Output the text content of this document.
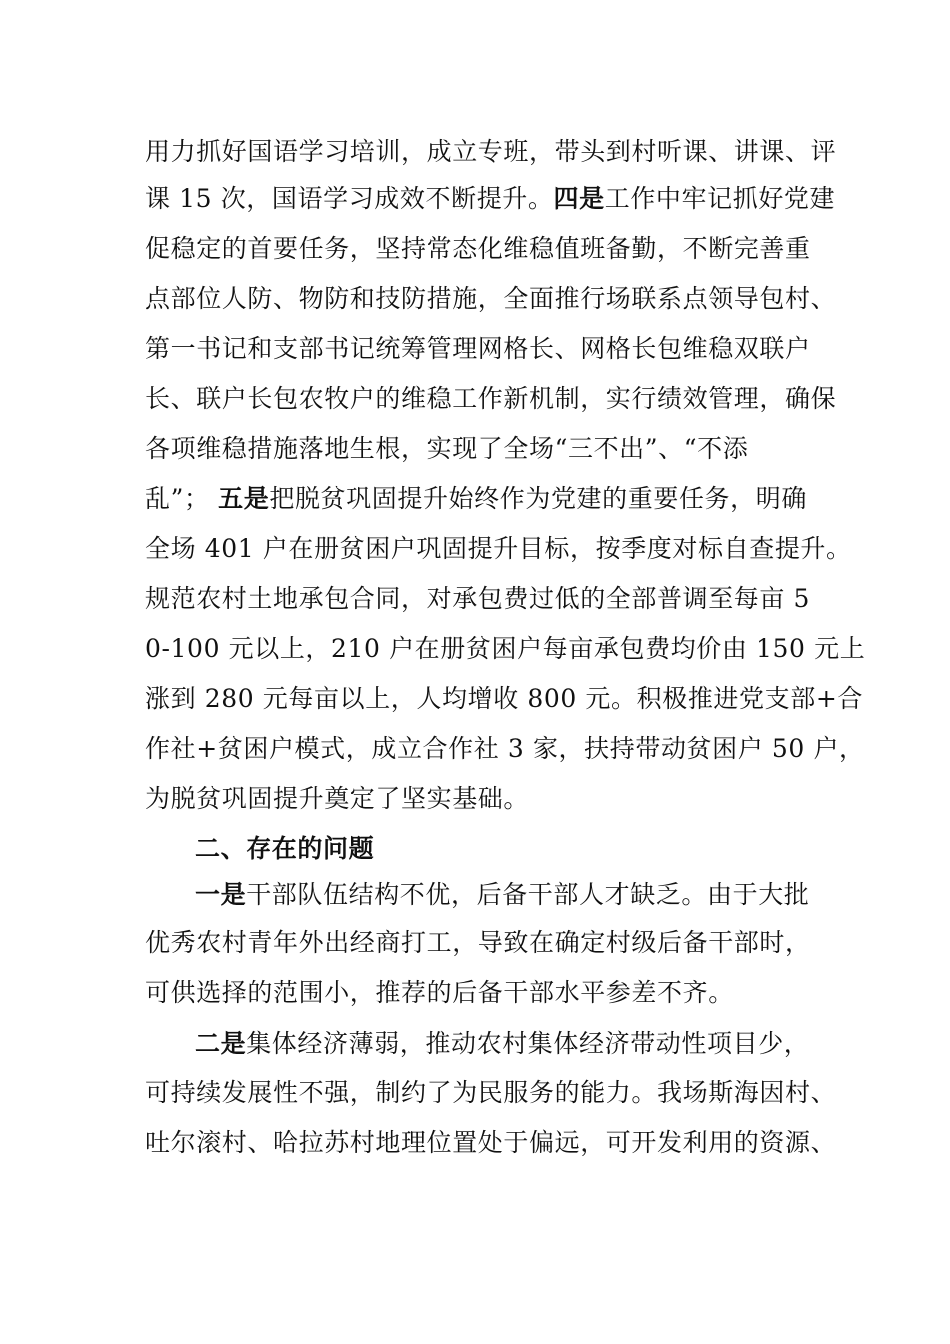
用力抓好国语学习培训，成立专班，带头到村听课、讲课、评
课 15 次，国语学习成效不断提升。四是工作中牢记抓好党建
促稳定的首要任务，坚持常态化维稳值班备勤，不断完善重
点部位人防、物防和技防措施，全面推行场联系点领导包村、
第一书记和支部书记统筹管理网格长、网格长包维稳双联户
长、联户长包农牧户的维稳工作新机制，实行绩效管理，确保
各项维稳措施落地生根，实现了全场“三不出”、“不添
乱”； 五是把脱贫巩固提升始终作为党建的重要任务，明确
全场 401 户在册贫困户巩固提升目标，按季度对标自查提升。
规范农村土地承包合同，对承包费过低的全部普调至每亩 5
0-100 元以上，210 户在册贫困户每亩承包费均价由 150 元上
涨到 280 元每亩以上，人均增收 800 元。积极推进党支部+合
作社+贫困户模式，成立合作社 3 家，扶持带动贫困户 50 户，
为脱贫巩固提升奠定了坚实基础。
二、存在的问题
一是干部队伍结构不优，后备干部人才缺乏。由于大批
优秀农村青年外出经商打工，导致在确定村级后备干部时，
可供选择的范围小，推荐的后备干部水平参差不齐。
二是集体经济薄弱，推动农村集体经济带动性项目少，
可持续发展性不强，制约了为民服务的能力。我场斯海因村、
吐尔滚村、哈拉苏村地理位置处于偏远，可开发利用的资源、
